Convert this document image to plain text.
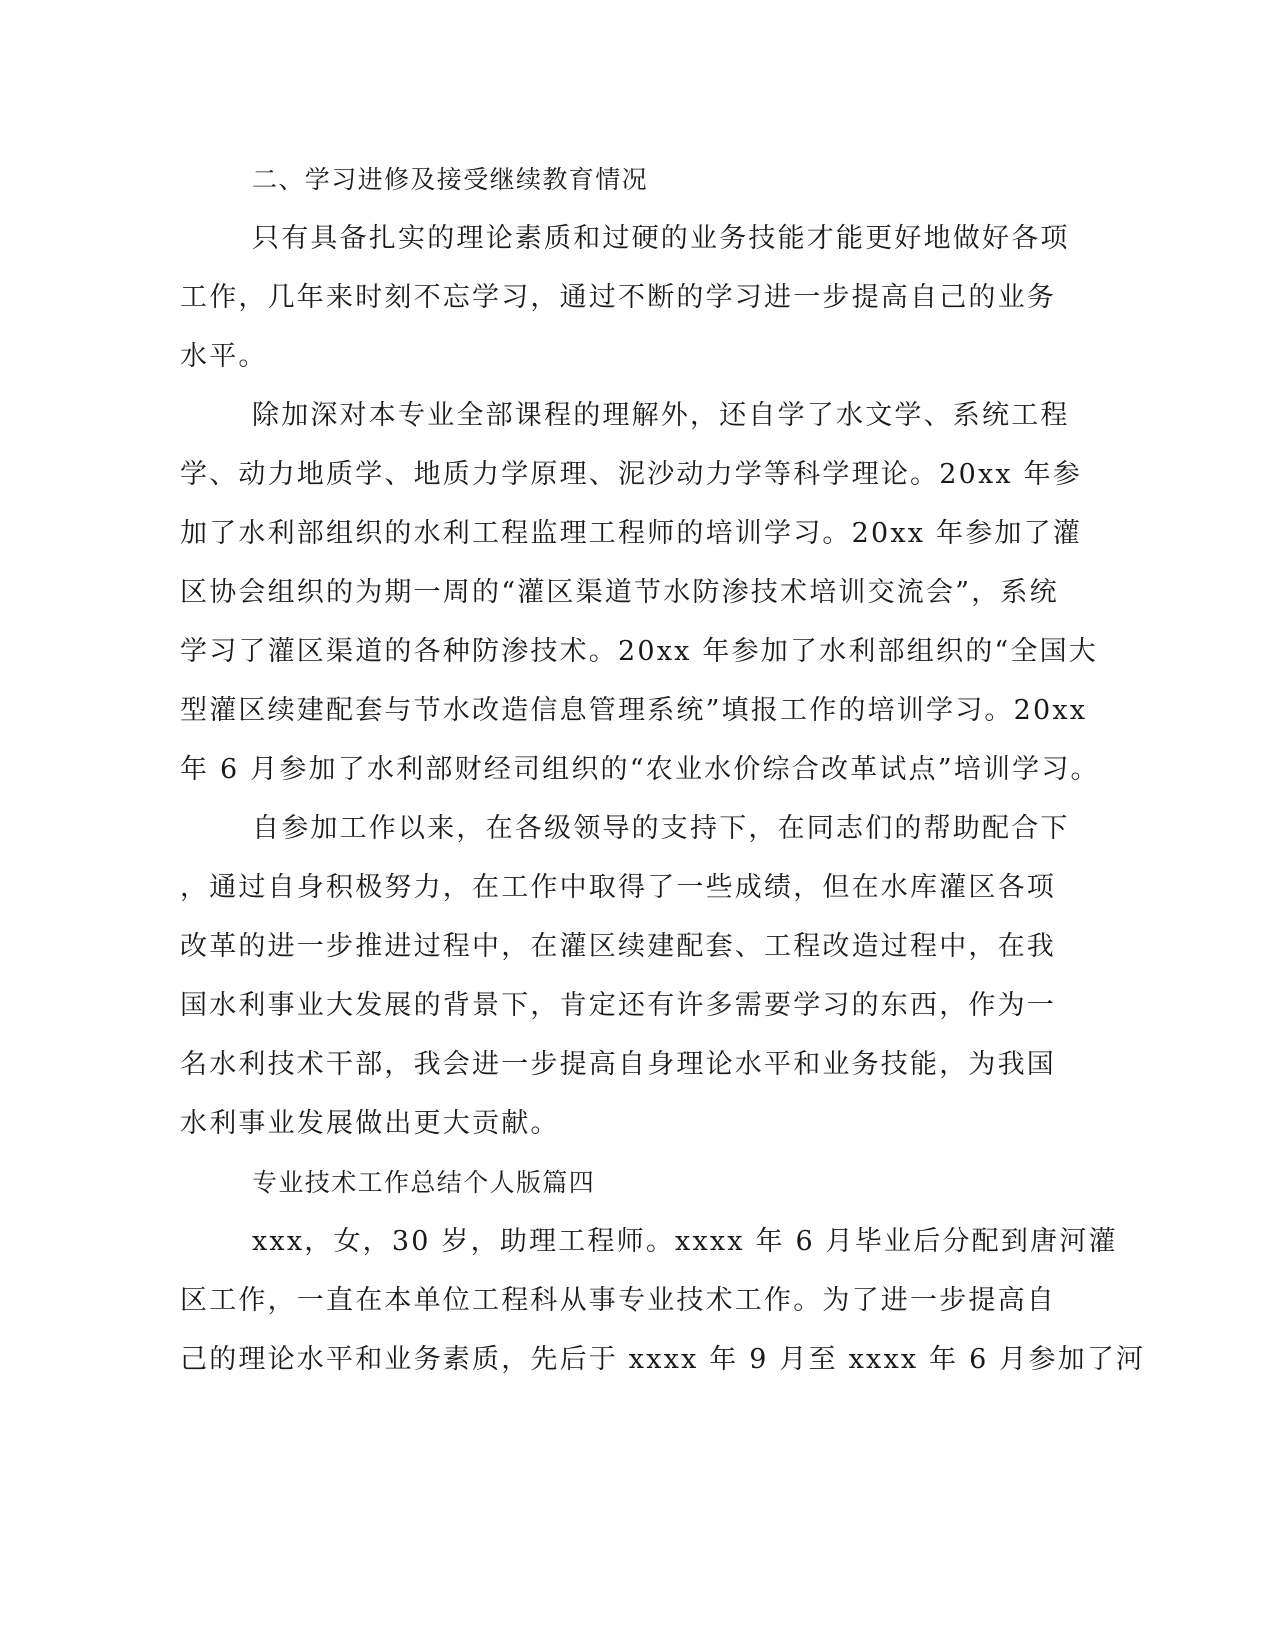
二、学习进修及接受继续教育情况
只有具备扎实的理论素质和过硬的业务技能才能更好地做好各项
工作，几年来时刻不忘学习，通过不断的学习进一步提高自己的业务
水平。
除加深对本专业全部课程的理解外，还自学了水文学、系统工程
学、动力地质学、地质力学原理、泥沙动力学等科学理论。20xx 年参
加了水利部组织的水利工程监理工程师的培训学习。20xx 年参加了灌
区协会组织的为期一周的“灌区渠道节水防渗技术培训交流会”，系统
学习了灌区渠道的各种防渗技术。20xx 年参加了水利部组织的“全国大
型灌区续建配套与节水改造信息管理系统”填报工作的培训学习。20xx
年 6 月参加了水利部财经司组织的“农业水价综合改革试点”培训学习。
自参加工作以来，在各级领导的支持下，在同志们的帮助配合下
，通过自身积极努力，在工作中取得了一些成绩，但在水库灌区各项
改革的进一步推进过程中，在灌区续建配套、工程改造过程中，在我
国水利事业大发展的背景下，肯定还有许多需要学习的东西，作为一
名水利技术干部，我会进一步提高自身理论水平和业务技能，为我国
水利事业发展做出更大贡献。
专业技术工作总结个人版篇四
xxx，女，30 岁，助理工程师。xxxx 年 6 月毕业后分配到唐河灌
区工作，一直在本单位工程科从事专业技术工作。为了进一步提高自
己的理论水平和业务素质，先后于 xxxx 年 9 月至 xxxx 年 6 月参加了河
